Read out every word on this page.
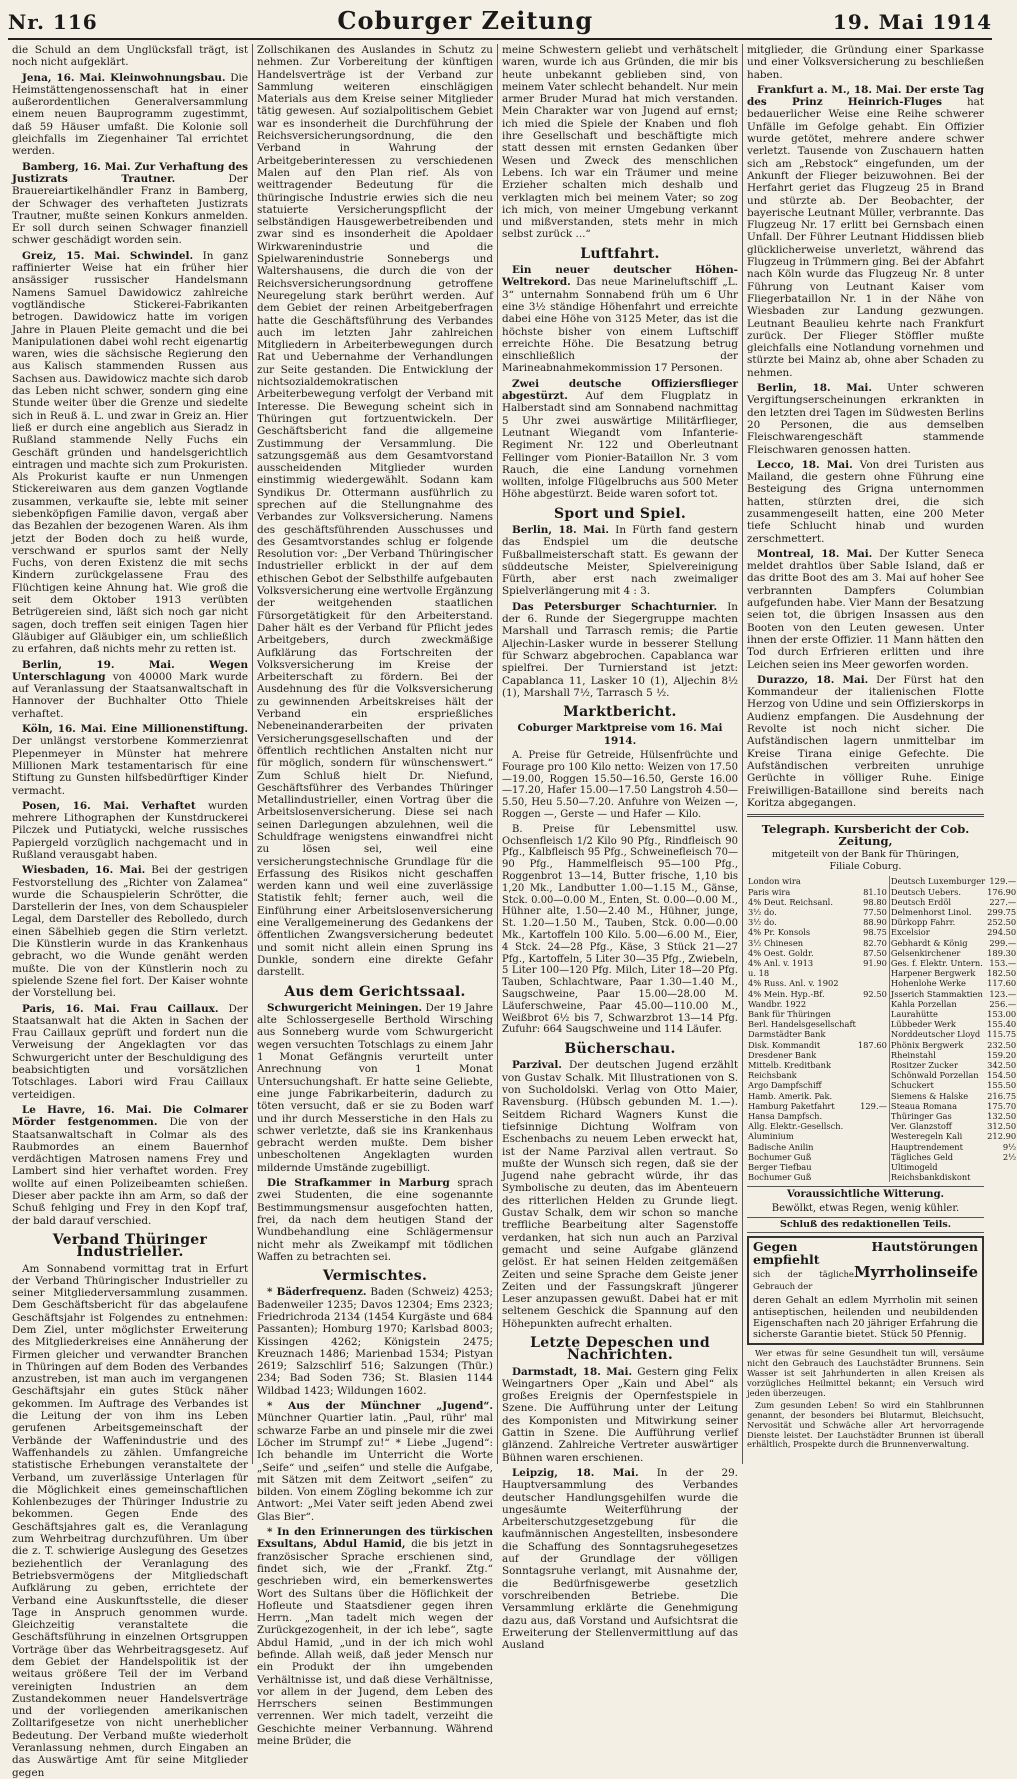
Nr. 116	Coburger Zeitung	19. Mai 1914

die Schuld an dem Unglücksfall trägt, ist noch nicht aufgeklärt.

Jena, 16. Mai. Kleinwohnungsbau. Die Heimstättengenossenschaft hat in einer außerordentlichen Generalversammlung einem neuen Bauprogramm zugestimmt, daß 59 Häuser umfaßt. Die Kolonie soll gleichfalls im Ziegenhainer Tal errichtet werden.

Bamberg, 16. Mai. Zur Verhaftung des Justizrats Trautner.	Der Brauereiartikelhändler Franz in Bamberg, der Schwager des verhafteten Justizrats Trautner, mußte seinen Konkurs anmelden. Er soll durch seinen Schwager finanziell schwer geschädigt worden sein.

Greiz, 15. Mai. Schwindel. In ganz raffinierter Weise hat ein früher hier ansässiger russischer Handelsmann Namens Samuel Dawidowicz zahlreiche vogtländische Stickerei-Fabrikanten betrogen. Dawidowicz hatte im vorigen Jahre in Plauen Pleite gemacht und die bei Manipulationen dabei wohl recht eigenartig waren, wies die sächsische Regierung den aus Kalisch stammenden Russen aus Sachsen aus. Dawidowicz machte sich darob das Leben nicht schwer, sondern ging eine Stunde weiter über die Grenze und siedelte sich in Reuß ä. L. und zwar in Greiz an. Hier ließ er durch eine angeblich aus Sieradz in Rußland stammende Nelly Fuchs ein Geschäft gründen und handelsgerichtlich eintragen und machte sich zum Prokuristen. Als Prokurist kaufte er nun Unmengen Stickereiwaren aus dem ganzen Vogtlande zusammen, verkaufte sie, lebte mit seiner siebenköpfigen Familie davon, vergaß aber das Bezahlen der bezogenen Waren. Als ihm jetzt der Boden doch zu heiß wurde, verschwand er spurlos samt der Nelly Fuchs, von deren Existenz die mit sechs Kindern zurückgelassene Frau des Flüchtigen keine Ahnung hat. Wie groß die seit dem Oktober 1913 verübten Betrügereien sind, läßt sich noch gar nicht sagen, doch treffen seit einigen Tagen hier Gläubiger auf Gläubiger ein, um schließlich zu erfahren, daß nichts mehr zu retten ist.

Berlin, 19. Mai. Wegen Unterschlagung von 40000 Mark wurde auf Veranlassung der Staatsanwaltschaft in Hannover der Buchhalter Otto Thiele verhaftet.

Köln, 16. Mai. Eine Millionenstiftung. Der unlängst verstorbene Kommerzienrat Plepenmeyer in Münster hat mehrere Millionen Mark testamentarisch für eine Stiftung zu Gunsten hilfsbedürftiger Kinder vermacht.

Posen, 16. Mai. Verhaftet wurden mehrere Lithographen der Kunstdruckerei Pilczek und Putiatycki, welche russisches Papiergeld vorzüglich nachgemacht und in Rußland verausgabt haben.

Wiesbaden, 16. Mai. Bei der gestrigen Festvorstellung des „Richter von Zalamea“ wurde die Schauspielerin Schrötter, die Darstellerin der Ines, von dem Schauspieler Legal, dem Darsteller des Rebolledo, durch einen Säbelhieb gegen die Stirn verletzt. Die Künstlerin wurde in das Krankenhaus gebracht, wo die Wunde genäht werden mußte. Die von der Künstlerin noch zu spielende Szene fiel fort. Der Kaiser wohnte der Vorstellung bei.

Paris, 16. Mai. Frau Caillaux. Der Staatsanwalt hat die Akten in Sachen der Frau Caillaux geprüft und fordert nun die Verweisung der Angeklagten vor das Schwurgericht unter der Beschuldigung des beabsichtigten und vorsätzlichen Totschlages. Labori wird Frau Caillaux verteidigen.

Le Havre, 16. Mai. Die Colmarer Mörder festgenommen. Die von der Staatsanwaltschaft in Colmar als des Raubmordes an einem Bauernhof verdächtigen Matrosen namens Frey und Lambert sind hier verhaftet worden. Frey wollte auf einen Polizeibeamten schießen. Dieser aber packte ihn am Arm, so daß der Schuß fehlging und Frey in den Kopf traf, der bald darauf verschied.

Verband Thüringer Industrieller.

Am Sonnabend vormittag trat in Erfurt der Verband Thüringischer Industrieller zu seiner Mitgliederversammlung zusammen. Dem Geschäftsbericht für das abgelaufene Geschäftsjahr ist Folgendes zu entnehmen: Dem Ziel, unter möglichster Erweiterung des Mitgliederkreises eine Annäherung der Firmen gleicher und verwandter Branchen in Thüringen auf dem Boden des Verbandes anzustreben, ist man auch im vergangenen Geschäftsjahr ein gutes Stück näher gekommen. Im Auftrage des Verbandes ist die Leitung der von ihm ins Leben gerufenen Arbeitsgemeinschaft der Verbände der Waffenindustrie und des Waffenhandels zu zählen. Umfangreiche statistische Erhebungen veranstaltete der Verband, um zuverlässige Unterlagen für die Möglichkeit eines gemeinschaftlichen Kohlenbezuges der Thüringer Industrie zu bekommen. Gegen Ende des Geschäftsjahres galt es, die Veranlagung zum Wehrbeitrag durchzuführen. Um über die z. T. schwierige Auslegung des Gesetzes beziehentlich der Veranlagung des Betriebsvermögens der Mitgliedschaft Aufklärung zu geben, errichtete der Verband eine Auskunftsstelle, die dieser Tage in Anspruch genommen wurde. Gleichzeitig veranstaltete die Geschäftsführung in einzelnen Ortsgruppen Vorträge über das Wehrbeitragsgesetz. Auf dem Gebiet der Handelspolitik ist der weitaus größere Teil der im Verband vereinigten Industrien an dem Zustandekommen neuer Handelsverträge und der vorliegenden amerikanischen Zolltarifgesetze von nicht unerheblicher Bedeutung. Der Verband mußte wiederholt Veranlassung nehmen, durch Eingaben an das Auswärtige Amt für seine Mitglieder gegen

Zollschikanen des Auslandes in Schutz zu nehmen. Zur Vorbereitung der künftigen Handelsverträge ist der Verband zur Sammlung weiteren einschlägigen Materials aus dem Kreise seiner Mitglieder tätig gewesen. Auf sozialpolitischem Gebiet war es insonderheit die Durchführung der Reichsversicherungsordnung, die den Verband in Wahrung der Arbeitgeberinteressen zu verschiedenen Malen auf den Plan rief. Als von weittragender Bedeutung für die thüringische Industrie erwies sich die neu statuierte Versicherungspflicht der selbständigen Hausgewerbetreibenden und zwar sind es insonderheit die Apoldaer Wirkwarenindustrie und die Spielwarenindustrie Sonnebergs und Waltershausens, die durch die von der Reichsversicherungsordnung getroffene Neuregelung stark berührt werden. Auf dem Gebiet der reinen Arbeitgeberfragen hatte die Geschäftsführung des Verbandes auch im letzten Jahr zahlreichen Mitgliedern in Arbeiterbewegungen durch Rat und Uebernahme der Verhandlungen zur Seite gestanden. Die Entwicklung der nichtsozialdemokratischen Arbeiterbewegung verfolgt der Verband mit Interesse. Die Bewegung scheint sich in Thüringen gut fortzuentwickeln. Der Geschäftsbericht fand die allgemeine Zustimmung der Versammlung. Die satzungsgemäß aus dem Gesamtvorstand ausscheidenden Mitglieder wurden einstimmig wiedergewählt. Sodann kam Syndikus Dr. Ottermann ausführlich zu sprechen auf die Stellungnahme des Verbandes zur Volksversicherung. Namens des geschäftsführenden Ausschusses und des Gesamtvorstandes schlug er folgende Resolution vor: „Der Verband Thüringischer Industrieller erblickt in der auf dem ethischen Gebot der Selbsthilfe aufgebauten Volksversicherung eine wertvolle Ergänzung der weitgehenden staatlichen Fürsorgetätigkeit für den Arbeiterstand. Daher hält es der Verband für Pflicht jedes Arbeitgebers, durch zweckmäßige Aufklärung das Fortschreiten der Volksversicherung im Kreise der Arbeiterschaft zu fördern. Bei der Ausdehnung des für die Volksversicherung zu gewinnenden Arbeitskreises hält der Verband ein ersprießliches Nebeneinanderarbeiten der privaten Versicherungsgesellschaften und der öffentlich rechtlichen Anstalten nicht nur für möglich, sondern für wünschenswert.“ Zum Schluß hielt Dr. Niefund, Geschäftsführer des Verbandes Thüringer Metallindustrieller, einen Vortrag über die Arbeitslosenversicherung. Diese sei nach seinen Darlegungen abzulehnen, weil die Schuldfrage wenigstens einwandfrei nicht zu lösen sei, weil eine versicherungstechnische Grundlage für die Erfassung des Risikos nicht geschaffen werden kann und weil eine zuverlässige Statistik fehlt; ferner auch, weil die Einführung einer Arbeitslosenversicherung eine Verallgemeinerung des Gedankens der öffentlichen Zwangsversicherung bedeutet und somit nicht allein einen Sprung ins Dunkle, sondern eine direkte Gefahr darstellt.

Aus dem Gerichtssaal.

Schwurgericht Meiningen. Der 19 Jahre alte Schlossergeselle Berthold Wirsching aus Sonneberg wurde vom Schwurgericht wegen versuchten Totschlags zu einem Jahr 1 Monat Gefängnis verurteilt unter Anrechnung von 1 Monat Untersuchungshaft. Er hatte seine Geliebte, eine junge Fabrikarbeiterin, dadurch zu töten versucht, daß er sie zu Boden warf und ihr durch Messerstiche in den Hals zu schwer verletzte, daß sie ins Krankenhaus gebracht werden mußte. Dem bisher unbescholtenen Angeklagten wurden mildernde Umstände zugebilligt.

Die Strafkammer in Marburg sprach zwei Studenten, die eine sogenannte Bestimmungsmensur ausgefochten hatten, frei, da nach dem heutigen Stand der Wundbehandlung eine Schlägermensur nicht mehr als Zweikampf mit tödlichen Waffen zu betrachten sei.

Vermischtes.

* Bäderfrequenz. Baden (Schweiz) 4253; Badenweiler 1235; Davos 12304; Ems 2323; Friedrichroda 2134 (1454 Kurgäste und 684 Passanten); Homburg 1970; Karlsbad 8003; Kissingen 4262; Königstein 2475; Kreuznach 1486; Marienbad 1534; Pistyan 2619; Salzschlirf 516; Salzungen (Thür.) 234; Bad Soden 736; St. Blasien 1144 Wildbad 1423; Wildungen 1602.

* Aus der Münchner „Jugend“. Münchner Quartier latin. „Paul, rühr' mal schwarze Farbe an und pinsele mir die zwei Löcher im Strumpf zu!“ * Liebe „Jugend“: Ich behandle im Unterricht die Worte „Seife“ und „seifen“ und stelle die Aufgabe, mit Sätzen mit dem Zeitwort „seifen“ zu bilden. Von einem Zögling bekomme ich zur Antwort: „Mei Vater seift jeden Abend zwei Glas Bier“.

* In den Erinnerungen des türkischen Exsultans, Abdul Hamid, die bis jetzt in französischer Sprache erschienen sind, findet sich, wie der „Frankf. Ztg.“ geschrieben wird, ein bemerkenswertes Wort des Sultans über die Höflichkeit der Hofleute und Staatsdiener gegen ihren Herrn. „Man tadelt mich wegen der Zurückgezogenheit, in der ich lebe“, sagte Abdul Hamid, „und in der ich mich wohl befinde. Allah weiß, daß jeder Mensch nur ein Produkt der ihn umgebenden Verhältnisse ist, und daß diese Verhältnisse, vor allem in der Jugend, dem Leben des Herrschers seinen Bestimmungen verrennen. Wer mich tadelt, verzeiht die Geschichte meiner Verbannung. Während meine Brüder, die

meine Schwestern geliebt und verhätschelt waren, wurde ich aus Gründen, die mir bis heute unbekannt geblieben sind, von meinem Vater schlecht behandelt. Nur mein armer Bruder Murad hat mich verstanden. Mein Charakter war von Jugend auf ernst; ich mied die Spiele der Knaben und floh ihre Gesellschaft und beschäftigte mich statt dessen mit ernsten Gedanken über Wesen und Zweck des menschlichen Lebens. Ich war ein Träumer und meine Erzieher schalten mich deshalb und verklagten mich bei meinem Vater; so zog ich mich, von meiner Umgebung verkannt und mißverstanden, stets mehr in mich selbst zurück ...“

Luftfahrt.

Ein neuer deutscher Höhen-Weltrekord. Das neue Marineluftschiff „L. 3“ unternahm Sonnabend früh um 6 Uhr eine 3½ ständige Höhenfahrt und erreichte dabei eine Höhe von 3125 Meter, das ist die höchste bisher von einem Luftschiff erreichte Höhe. Die Besatzung betrug einschließlich der Marineabnahmekommission 17 Personen.

Zwei deutsche Offiziersflieger abgestürzt. Auf dem Flugplatz in Halberstadt sind am Sonnabend nachmittag 5 Uhr zwei auswärtige Militärflieger, Leutnant Wiegandt vom Infanterie-Regiment Nr. 122 und Oberleutnant Fellinger vom Pionier-Bataillon Nr. 3 vom Rauch, die eine Landung vornehmen wollten, infolge Flügelbruchs aus 500 Meter Höhe abgestürzt. Beide waren sofort tot.

Sport und Spiel.

Berlin, 18. Mai. In Fürth fand gestern das Endspiel um die deutsche Fußballmeisterschaft statt. Es gewann der süddeutsche Meister, Spielvereinigung Fürth, aber erst nach zweimaliger Spielverlängerung mit 4 : 3.

Das Petersburger Schachturnier. In der 6. Runde der Siegergruppe machten Marshall und Tarrasch remis; die Partie Aljechin-Lasker wurde in besserer Stellung für Schwarz abgebrochen. Capablanca war spielfrei. Der Turnierstand ist jetzt: Capablanca 11, Lasker 10 (1), Aljechin 8½ (1), Marshall 7½, Tarrasch 5 ½.

Marktbericht.

Coburger Marktpreise vom 16. Mai 1914.

A. Preise für Getreide, Hülsenfrüchte und Fourage pro 100 Kilo netto: Weizen von 17.50—19.00, Roggen 15.50—16.50, Gerste 16.00—17.20, Hafer 15.00—17.50 Langstroh 4.50—5.50, Heu 5.50—7.20. Anfuhre von Weizen —, Roggen —, Gerste — und Hafer — Kilo.

B. Preise für Lebensmittel usw. Ochsenfleisch 1/2 Kilo 90 Pfg., Rindfleisch 90 Pfg., Kalbfleisch 95 Pfg., Schweinefleisch 70—90 Pfg., Hammelfleisch 95—100 Pfg., Roggenbrot 13—14, Butter frische, 1,10 bis 1,20 Mk., Landbutter 1.00—1.15 M., Gänse, Stck. 0.00—0.00 M., Enten, St. 0.00—0.00 M., Hühner alte, 1.50—2.40 M., Hühner, junge, St. 1.20—1.50 M., Tauben, Stck. 0.00—0.00 Mk., Kartoffeln 100 Kilo. 5.00—6.00 M., Eier, 4 Stck. 24—28 Pfg., Käse, 3 Stück 21—27 Pfg., Kartoffeln, 5 Liter 30—35 Pfg., Zwiebeln, 5 Liter 100—120 Pfg. Milch, Liter 18—20 Pfg. Tauben, Schlachtware, Paar 1.30—1.40 M., Saugschweine, Paar 15.00—28.00 M. Läuferschweine, Paar 45.00—110.00 M., Weißbrot 6½ bis 7, Schwarzbrot 13—14 Pfg. Zufuhr: 664 Saugschweine und 114 Läufer.

Bücherschau.

Parzival. Der deutschen Jugend erzählt von Gustav Schalk. Mit Illustrationen von S. von Sucholdolski. Verlag von Otto Maier, Ravensburg. (Hübsch gebunden M. 1.—). Seitdem Richard Wagners Kunst die tiefsinnige Dichtung Wolfram von Eschenbachs zu neuem Leben erweckt hat, ist der Name Parzival allen vertraut. So mußte der Wunsch sich regen, daß sie der Jugend nahe gebracht würde, ihr das Symbolische zu deuten, das im Abenteuern des ritterlichen Helden zu Grunde liegt. Gustav Schalk, dem wir schon so manche treffliche Bearbeitung alter Sagenstoffe verdanken, hat sich nun auch an Parzival gemacht und seine Aufgabe glänzend gelöst. Er hat seinen Helden zeitgemäßen Zeiten und seine Sprache dem Geiste jener Zeiten und der Fassungskraft jüngerer Leser anzupassen gewußt. Dabei hat er mit seltenem Geschick die Spannung auf den Höhepunkten aufrecht erhalten.

Letzte Depeschen und Nachrichten.

Darmstadt, 18. Mai. Gestern ging Felix Weingartners Oper „Kain und Abel“ als großes Ereignis der Opernfestspiele in Szene. Die Aufführung unter der Leitung des Komponisten und Mitwirkung seiner Gattin in Szene. Die Aufführung verlief glänzend. Zahlreiche Vertreter auswärtiger Bühnen waren erschienen.

Leipzig, 18. Mai. In der 29. Hauptversammlung des Verbandes deutscher Handlungsgehilfen wurde die ungesäumte Weiterführung der Arbeiterschutzgesetzgebung für die kaufmännischen Angestellten, insbesondere die Schaffung des Sonntagsruhegesetzes auf der Grundlage der völligen Sonntagsruhe verlangt, mit Ausnahme der, die Bedürfnisgewerbe gesetzlich vorschreibenden Betriebe. Die Versammlung erklärte die Genehmigung dazu aus, daß Vorstand und Aufsichtsrat die Erweiterung der Stellenvermittlung auf das Ausland

mitglieder, die Gründung einer Sparkasse und einer Volksversicherung zu beschließen haben.

Frankfurt a. M., 18. Mai. Der erste Tag des Prinz Heinrich-Fluges hat bedauerlicher Weise eine Reihe schwerer Unfälle im Gefolge gehabt. Ein Offizier wurde getötet, mehrere andere schwer verletzt. Tausende von Zuschauern hatten sich am „Rebstock“ eingefunden, um der Ankunft der Flieger beizuwohnen. Bei der Herfahrt geriet das Flugzeug 25 in Brand und stürzte ab. Der Beobachter, der bayerische Leutnant Müller, verbrannte. Das Flugzeug Nr. 17 erlitt bei Gernsbach einen Unfall. Der Führer Leutnant Hiddissen blieb glücklicherweise unverletzt, während das Flugzeug in Trümmern ging. Bei der Abfahrt nach Köln wurde das Flugzeug Nr. 8 unter Führung von Leutnant Kaiser vom Fliegerbataillon Nr. 1 in der Nähe von Wiesbaden zur Landung gezwungen. Leutnant Beaulieu kehrte nach Frankfurt zurück. Der Flieger Stöffler mußte gleichfalls eine Notlandung vornehmen und stürzte bei Mainz ab, ohne aber Schaden zu nehmen.

Berlin, 18. Mai. Unter schweren Vergiftungserscheinungen erkrankten in den letzten drei Tagen im Südwesten Berlins 20 Personen, die aus demselben Fleischwarengeschäft stammende Fleischwaren genossen hatten.

Lecco, 18. Mai. Von drei Turisten aus Mailand, die gestern ohne Führung eine Besteigung des Grigna unternommen hatten, stürzten drei, die sich zusammengeseilt hatten, eine 200 Meter tiefe Schlucht hinab und wurden zerschmettert.

Montreal, 18. Mai. Der Kutter Seneca meldet drahtlos über Sable Island, daß er das dritte Boot des am 3. Mai auf hoher See verbrannten Dampfers Columbian aufgefunden habe. Vier Mann der Besatzung seien tot, die übrigen Insassen aus den Booten von den Leuten gewesen. Unter ihnen der erste Offizier. 11 Mann hätten den Tod durch Erfrieren erlitten und ihre Leichen seien ins Meer geworfen worden.

Durazzo, 18. Mai. Der Fürst hat den Kommandeur der italienischen Flotte Herzog von Udine und sein Offizierskorps in Audienz empfangen. Die Ausdehnung der Revolte ist noch nicht sicher. Die Aufständischen lagern unmittelbar im Kreise Tirana einige Gefechte. Die Aufständischen verbreiten unruhige Gerüchte in völliger Ruhe. Einige Freiwilligen-Bataillone sind bereits nach Koritza abgegangen.

Telegraph. Kursbericht der Cob. Zeitung,
mitgeteilt von der Bank für Thüringen,
Filiale Coburg.
London wira		Deutsch Luxemburger	129.—
Paris wira	81.10	Deutsch Uebers.	176.90
4% Deut. Reichsanl.	98.80	Deutsch Erdöl	227.—
3½ do.	77.50	Delmenhorst Linol.	299.75
3½ do.	88.90	Dürkopp Fahrr.	252.50
4% Pr. Konsols	98.75	Excelsior	294.50
3½ Chinesen	82.70	Gebhardt & König	299.—
4% Oest. Goldr.	87.50	Gelsenkirchener	189.30
4% Anl. v. 1913	91.90	Ges. f. Elektr. Untern.	153.—
u. 18		Harpener Bergwerk	182.50
4% Russ. Anl. v. 1902		Hohenlohe Werke	117.60
4% Mein. Hyp.-Bf.	92.50	Jsserich Stammaktien	123.—
Wandbr. 1922		Kahla Porzellan	256.—
Bank für Thüringen		Laurahütte	153.00
Berl. Handelsgesellschaft		Lübbeder Werk	155.40
Darmstädter Bank		Norddeutscher Lloyd	115.75
Disk. Kommandit	187.60	Phönix Bergwerk	232.50
Dresdener Bank		Rheinstahl	159.20
Mittelb. Kreditbank		Rositzer Zucker	342.50
Reichsbank		Schönwald Porzellan	154.50
Argo Dampfschiff		Schuckert	155.50
Hamb. Amerik. Pak.		Siemens & Halske	216.75
Hamburg Paketfahrt	129.—	Steaua Romana	175.70
Hansa Dampfsch.		Thüringer Gas	132.50
Allg. Elektr.-Gesellsch.		Ver. Glanzstoff	312.50
Aluminium		Westeregeln Kali	212.90
Badische Anilin		Hauptrendement	9½
Bochumer Guß		Tägliches Geld	2½
Berger Tiefbau		Ultimogeld	
Bochumer Guß		Reichsbankdiskont	
Voraussichtliche Witterung.
Bewölkt, etwas Regen, wenig kühler.
Schluß des redaktionellen Teils.
Gegen Hautstörungen empfiehlt
sich der tägliche Gebrauch der
Myrrholinseife
deren Gehalt an edlem Myrrholin mit seinen antiseptischen, heilenden und neubildenden Eigenschaften nach 20 jähriger Erfahrung die sicherste Garantie bietet. Stück 50 Pfennig.

Wer etwas für seine Gesundheit tun will, versäume nicht den Gebrauch des Lauchstädter Brunnens. Sein Wasser ist seit Jahrhunderten in allen Kreisen als vorzügliches Heilmittel bekannt; ein Versuch wird jeden überzeugen.

Zum gesunden Leben! So wird ein Stahlbrunnen genannt, der besonders bei Blutarmut, Bleichsucht, Nervosität und Schwäche aller Art hervorragende Dienste leistet. Der Lauchstädter Brunnen ist überall erhältlich, Prospekte durch die Brunnenverwaltung.
